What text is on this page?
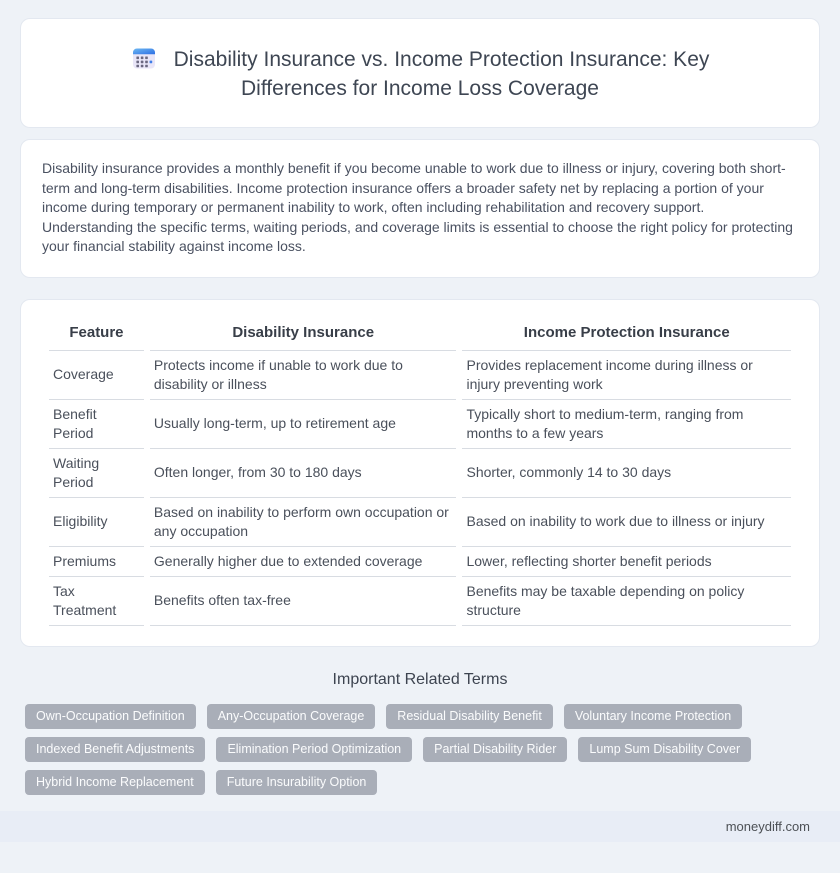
Disability Insurance vs. Income Protection Insurance: Key Differences for Income Loss Coverage

Disability insurance provides a monthly benefit if you become unable to work due to illness or injury, covering both short-term and long-term disabilities. Income protection insurance offers a broader safety net by replacing a portion of your income during temporary or permanent inability to work, often including rehabilitation and recovery support. Understanding the specific terms, waiting periods, and coverage limits is essential to choose the right policy for protecting your financial stability against income loss.

Feature	Disability Insurance	Income Protection Insurance
Coverage	Protects income if unable to work due to disability or illness	Provides replacement income during illness or injury preventing work
Benefit Period	Usually long-term, up to retirement age	Typically short to medium-term, ranging from months to a few years
Waiting Period	Often longer, from 30 to 180 days	Shorter, commonly 14 to 30 days
Eligibility	Based on inability to perform own occupation or any occupation	Based on inability to work due to illness or injury
Premiums	Generally higher due to extended coverage	Lower, reflecting shorter benefit periods
Tax Treatment	Benefits often tax-free	Benefits may be taxable depending on policy structure
Important Related Terms
Own-Occupation Definition	Any-Occupation Coverage	Residual Disability Benefit	Voluntary Income Protection
Indexed Benefit Adjustments	Elimination Period Optimization	Partial Disability Rider	Lump Sum Disability Cover
Hybrid Income Replacement	Future Insurability Option
moneydiff.com
